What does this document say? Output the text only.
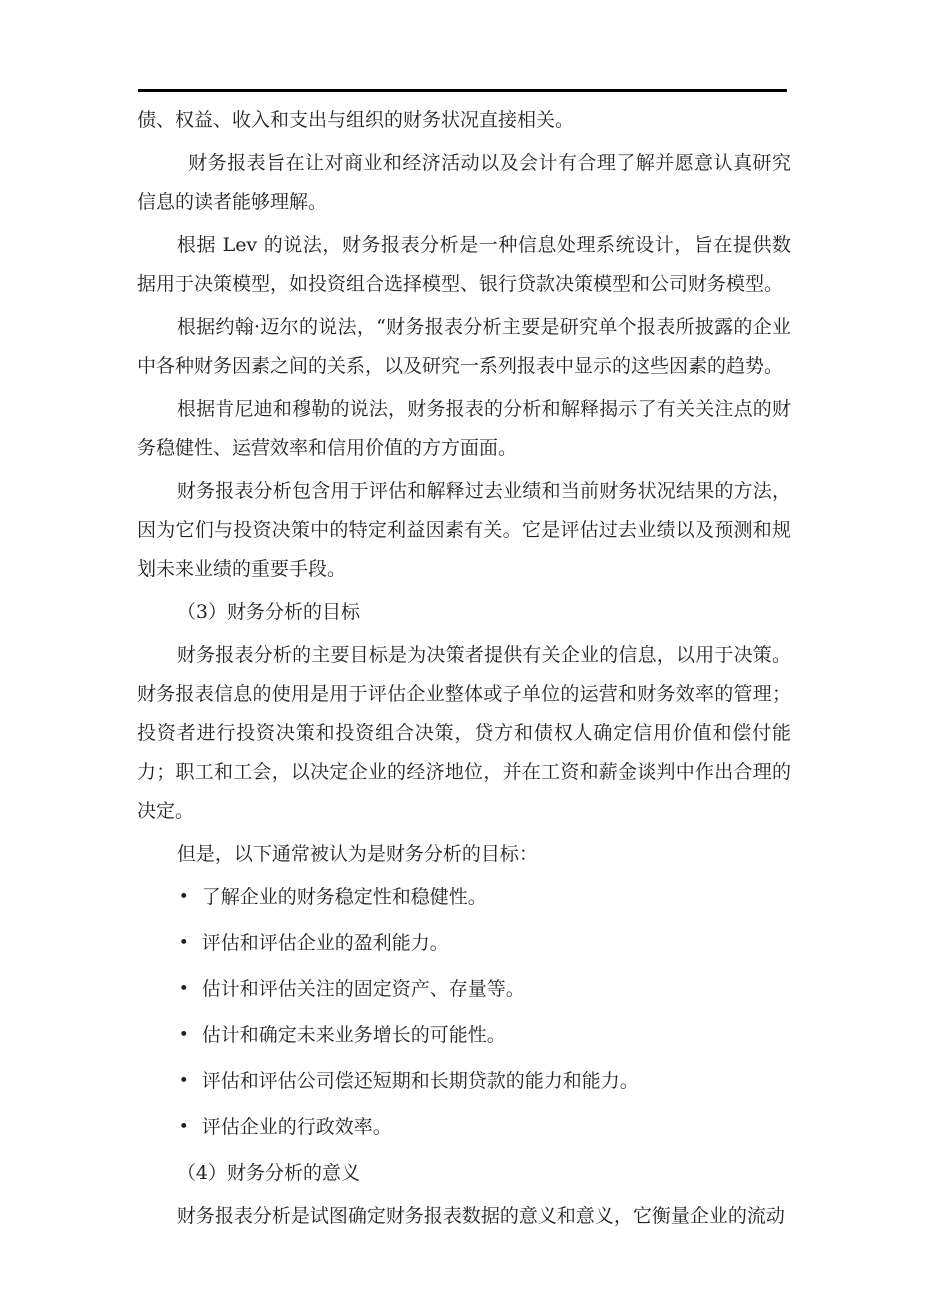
债、权益、收入和支出与组织的财务状况直接相关。

财务报表旨在让对商业和经济活动以及会计有合理了解并愿意认真研究信息的读者能够理解。

根据 Lev 的说法，财务报表分析是一种信息处理系统设计，旨在提供数据用于决策模型，如投资组合选择模型、银行贷款决策模型和公司财务模型。

根据约翰·迈尔的说法，“财务报表分析主要是研究单个报表所披露的企业中各种财务因素之间的关系，以及研究一系列报表中显示的这些因素的趋势。

根据肯尼迪和穆勒的说法，财务报表的分析和解释揭示了有关关注点的财务稳健性、运营效率和信用价值的方方面面。

财务报表分析包含用于评估和解释过去业绩和当前财务状况结果的方法，因为它们与投资决策中的特定利益因素有关。它是评估过去业绩以及预测和规划未来业绩的重要手段。

（3）财务分析的目标

财务报表分析的主要目标是为决策者提供有关企业的信息，以用于决策。财务报表信息的使用是用于评估企业整体或子单位的运营和财务效率的管理；投资者进行投资决策和投资组合决策，贷方和债权人确定信用价值和偿付能力；职工和工会，以决定企业的经济地位，并在工资和薪金谈判中作出合理的决定。

但是，以下通常被认为是财务分析的目标：

• 了解企业的财务稳定性和稳健性。
• 评估和评估企业的盈利能力。
• 估计和评估关注的固定资产、存量等。
• 估计和确定未来业务增长的可能性。
• 评估和评估公司偿还短期和长期贷款的能力和能力。
• 评估企业的行政效率。

（4）财务分析的意义

财务报表分析是试图确定财务报表数据的意义和意义，它衡量企业的流动
